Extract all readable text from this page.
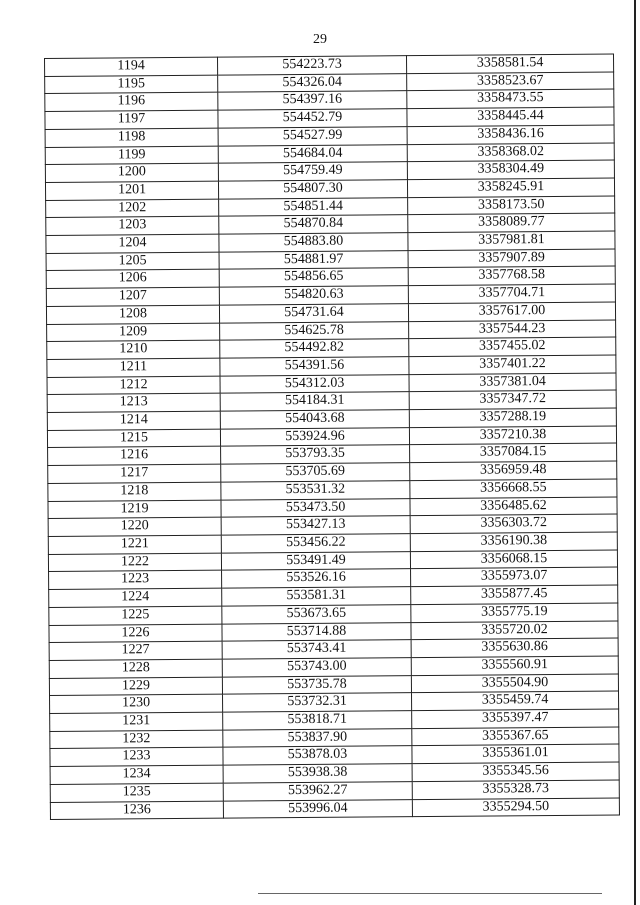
29
1194	554223.73	3358581.54
1195	554326.04	3358523.67
1196	554397.16	3358473.55
1197	554452.79	3358445.44
1198	554527.99	3358436.16
1199	554684.04	3358368.02
1200	554759.49	3358304.49
1201	554807.30	3358245.91
1202	554851.44	3358173.50
1203	554870.84	3358089.77
1204	554883.80	3357981.81
1205	554881.97	3357907.89
1206	554856.65	3357768.58
1207	554820.63	3357704.71
1208	554731.64	3357617.00
1209	554625.78	3357544.23
1210	554492.82	3357455.02
1211	554391.56	3357401.22
1212	554312.03	3357381.04
1213	554184.31	3357347.72
1214	554043.68	3357288.19
1215	553924.96	3357210.38
1216	553793.35	3357084.15
1217	553705.69	3356959.48
1218	553531.32	3356668.55
1219	553473.50	3356485.62
1220	553427.13	3356303.72
1221	553456.22	3356190.38
1222	553491.49	3356068.15
1223	553526.16	3355973.07
1224	553581.31	3355877.45
1225	553673.65	3355775.19
1226	553714.88	3355720.02
1227	553743.41	3355630.86
1228	553743.00	3355560.91
1229	553735.78	3355504.90
1230	553732.31	3355459.74
1231	553818.71	3355397.47
1232	553837.90	3355367.65
1233	553878.03	3355361.01
1234	553938.38	3355345.56
1235	553962.27	3355328.73
1236	553996.04	3355294.50
